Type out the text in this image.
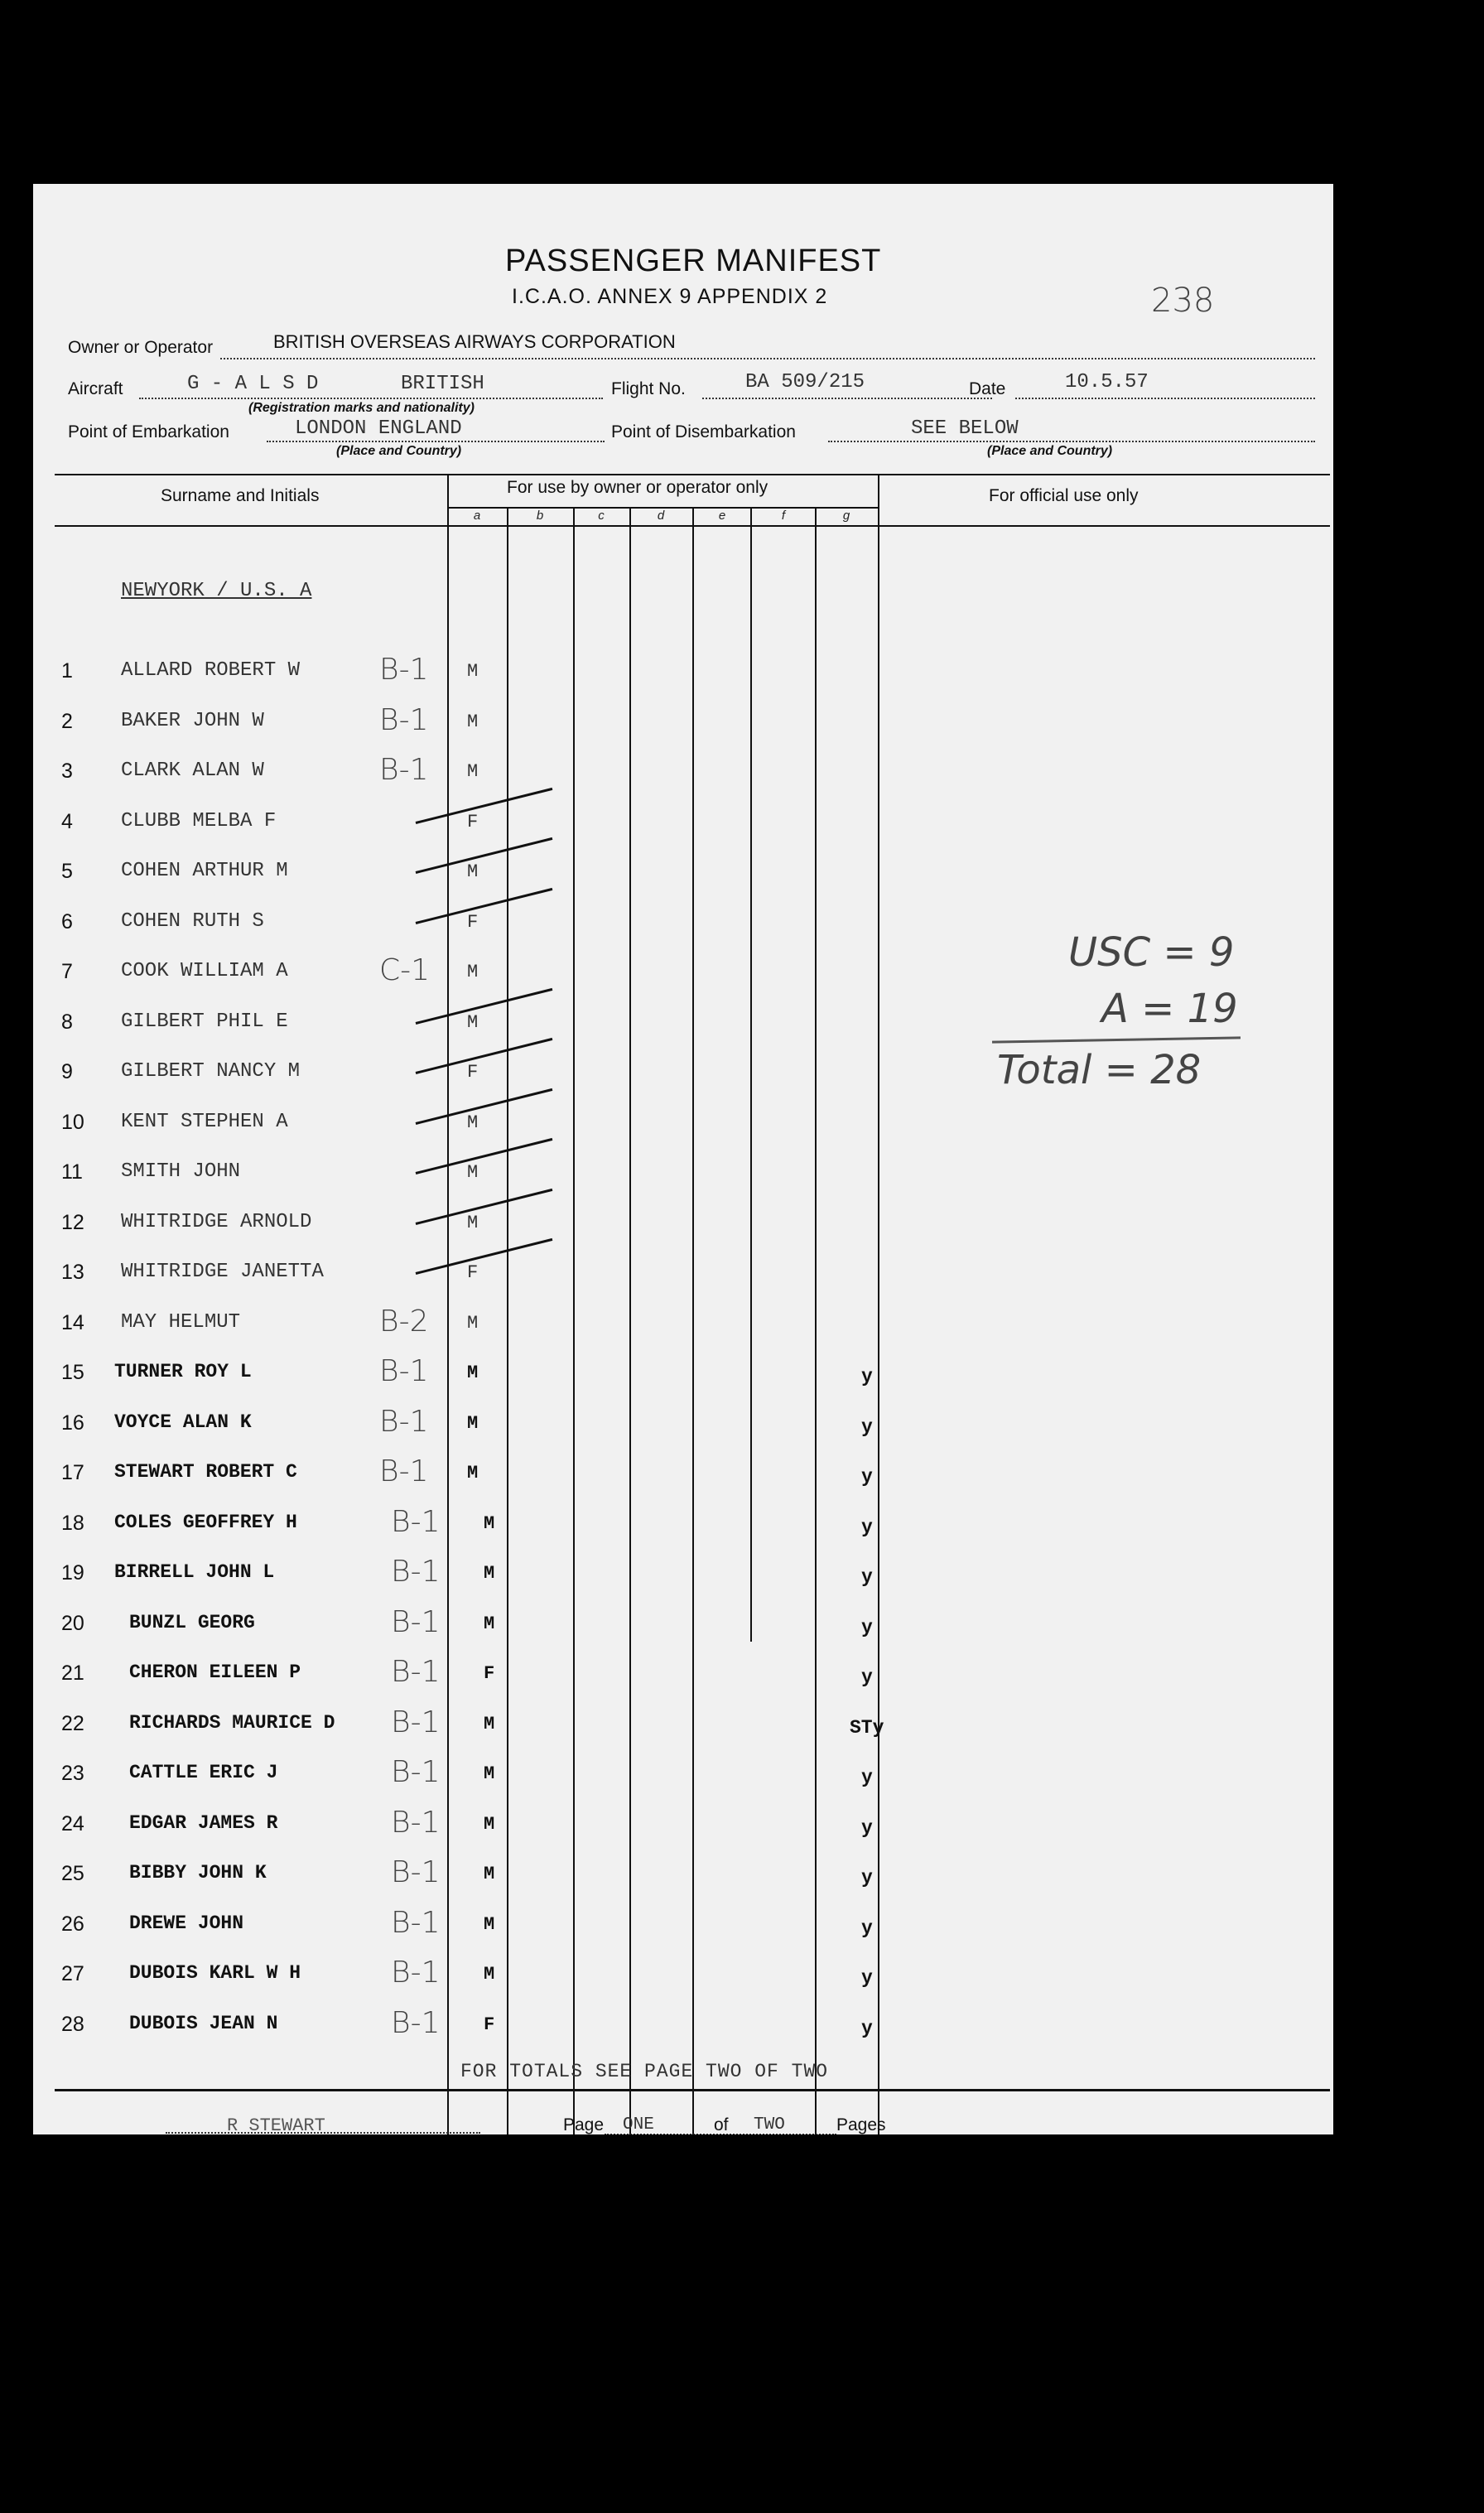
PASSENGER MANIFEST
I.C.A.O. ANNEX 9 APPENDIX 2	238
Owner or Operator	BRITISH OVERSEAS AIRWAYS CORPORATION
Aircraft	G - A L S D	BRITISH
(Registration marks and nationality)
Flight No.	BA 509/215	Date	10.5.57
Point of Embarkation	LONDON ENGLAND
(Place and Country)
Point of Disembarkation	SEE BELOW
(Place and Country)
Surname and Initials	For use by owner or operator only	For official use only
a	b	c	d	e	f	g
NEWYORK / U.S. A
1 ALLARD ROBERT W	B-1 M
2 BAKER JOHN W	B-1 M
3 CLARK ALAN W	B-1 M
4 CLUBB MELBA F	F
5 COHEN ARTHUR M	M
6 COHEN RUTH S	F
7 COOK WILLIAM A	C-1 M
8 GILBERT PHIL E	M
9 GILBERT NANCY M	F
10 KENT STEPHEN A	M
11 SMITH JOHN	M
12 WHITRIDGE ARNOLD	M
13 WHITRIDGE JANETTA	F
14 MAY HELMUT	B-2 M
15 TURNER ROY L	B-1 M	y
16 VOYCE ALAN K	B-1 M	y
17 STEWART ROBERT C	B-1 M	y
18 COLES GEOFFREY H	B-1 M	y
19 BIRRELL JOHN L	B-1 M	y
20 BUNZL GEORG	B-1 M	y
21 CHERON EILEEN P	B-1 F	y
22 RICHARDS MAURICE D B-1 M	STy
23 CATTLE ERIC J	B-1 M	y
24 EDGAR JAMES R	B-1 M	y
25 BIBBY JOHN K	B-1 M	y
26 DREWE JOHN	B-1 M	y
27 DUBOIS KARL W H	B-1 M	y
28 DUBOIS JEAN N	B-1 F	y
FOR TOTALS SEE PAGE TWO OF TWO
USC = 9
A = 19
Total = 28
R STEWART	Page ONE	of TWO	Pages
